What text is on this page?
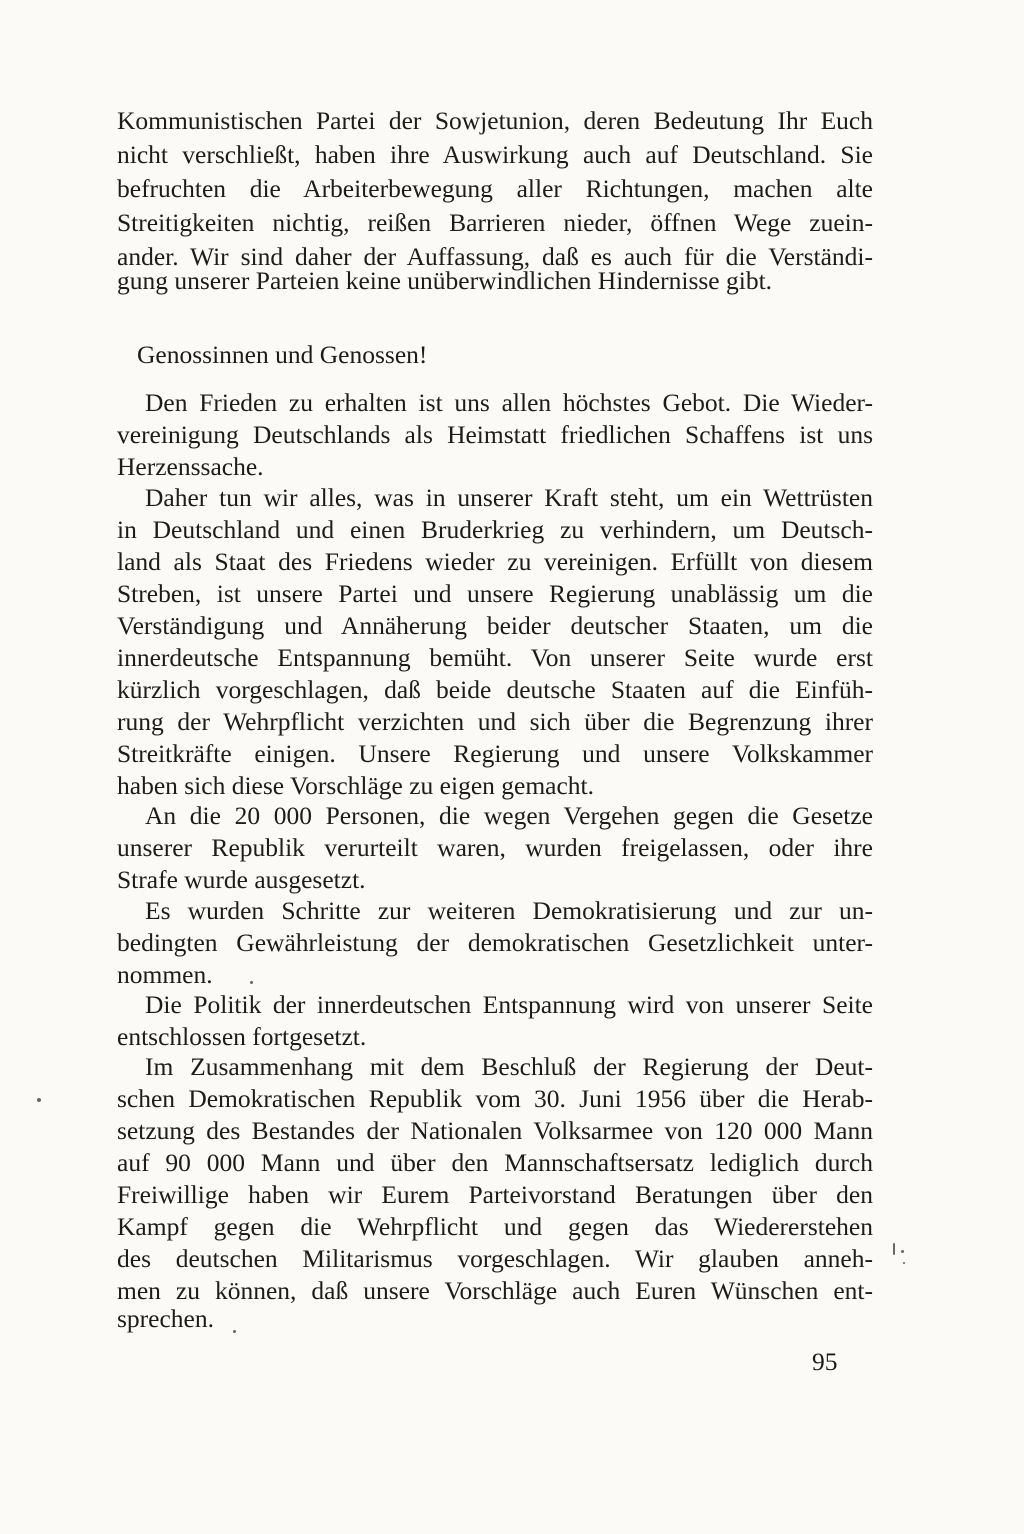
Kommunistischen Partei der Sowjetunion, deren Bedeutung Ihr Euch
nicht verschließt, haben ihre Auswirkung auch auf Deutschland. Sie
befruchten die Arbeiterbewegung aller Richtungen, machen alte
Streitigkeiten nichtig, reißen Barrieren nieder, öffnen Wege zuein-
ander. Wir sind daher der Auffassung, daß es auch für die Verständi-
gung unserer Parteien keine unüberwindlichen Hindernisse gibt.
Genossinnen und Genossen!
Den Frieden zu erhalten ist uns allen höchstes Gebot. Die Wieder-
vereinigung Deutschlands als Heimstatt friedlichen Schaffens ist uns
Herzenssache.
Daher tun wir alles, was in unserer Kraft steht, um ein Wettrüsten
in Deutschland und einen Bruderkrieg zu verhindern, um Deutsch-
land als Staat des Friedens wieder zu vereinigen. Erfüllt von diesem
Streben, ist unsere Partei und unsere Regierung unablässig um die
Verständigung und Annäherung beider deutscher Staaten, um die
innerdeutsche Entspannung bemüht. Von unserer Seite wurde erst
kürzlich vorgeschlagen, daß beide deutsche Staaten auf die Einfüh-
rung der Wehrpflicht verzichten und sich über die Begrenzung ihrer
Streitkräfte einigen. Unsere Regierung und unsere Volkskammer
haben sich diese Vorschläge zu eigen gemacht.
An die 20 000 Personen, die wegen Vergehen gegen die Gesetze
unserer Republik verurteilt waren, wurden freigelassen, oder ihre
Strafe wurde ausgesetzt.
Es wurden Schritte zur weiteren Demokratisierung und zur un-
bedingten Gewährleistung der demokratischen Gesetzlichkeit unter-
nommen.
Die Politik der innerdeutschen Entspannung wird von unserer Seite
entschlossen fortgesetzt.
Im Zusammenhang mit dem Beschluß der Regierung der Deut-
schen Demokratischen Republik vom 30. Juni 1956 über die Herab-
setzung des Bestandes der Nationalen Volksarmee von 120 000 Mann
auf 90 000 Mann und über den Mannschaftsersatz lediglich durch
Freiwillige haben wir Eurem Parteivorstand Beratungen über den
Kampf gegen die Wehrpflicht und gegen das Wiedererstehen
des deutschen Militarismus vorgeschlagen. Wir glauben anneh-
men zu können, daß unsere Vorschläge auch Euren Wünschen ent-
sprechen.
95
